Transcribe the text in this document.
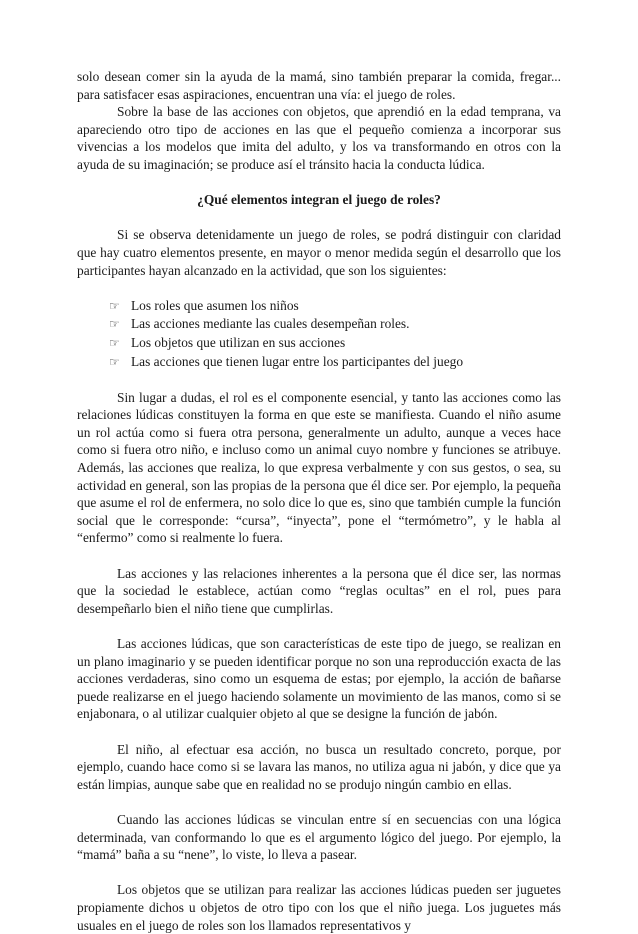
solo desean comer sin la ayuda de la mamá, sino también preparar la comida, fregar... para satisfacer esas aspiraciones, encuentran una vía: el juego de roles.

Sobre la base de las acciones con objetos, que aprendió en la edad temprana, va apareciendo otro tipo de acciones en las que el pequeño comienza a incorporar sus vivencias a los modelos que imita del adulto, y los va transformando en otros con la ayuda de su imaginación; se produce así el tránsito hacia la conducta lúdica.

¿Qué elementos integran el juego de roles?

Si se observa detenidamente un juego de roles, se podrá distinguir con claridad que hay cuatro elementos presente, en mayor o menor medida según el desarrollo que los participantes hayan alcanzado en la actividad, que son los siguientes:

☞ Los roles que asumen los niños
☞ Las acciones mediante las cuales desempeñan roles.
☞ Los objetos que utilizan en sus acciones
☞ Las acciones que tienen lugar entre los participantes del juego

Sin lugar a dudas, el rol es el componente esencial, y tanto las acciones como las relaciones lúdicas constituyen la forma en que este se manifiesta. Cuando el niño asume un rol actúa como si fuera otra persona, generalmente un adulto, aunque a veces hace como si fuera otro niño, e incluso como un animal cuyo nombre y funciones se atribuye. Además, las acciones que realiza, lo que expresa verbalmente y con sus gestos, o sea, su actividad en general, son las propias de la persona que él dice ser. Por ejemplo, la pequeña que asume el rol de enfermera, no solo dice lo que es, sino que también cumple la función social que le corresponde: “cursa”, “inyecta”, pone el “termómetro”, y le habla al “enfermo” como si realmente lo fuera.

Las acciones y las relaciones inherentes a la persona que él dice ser, las normas que la sociedad le establece, actúan como “reglas ocultas” en el rol, pues para desempeñarlo bien el niño tiene que cumplirlas.

Las acciones lúdicas, que son características de este tipo de juego, se realizan en un plano imaginario y se pueden identificar porque no son una reproducción exacta de las acciones verdaderas, sino como un esquema de estas; por ejemplo, la acción de bañarse puede realizarse en el juego haciendo solamente un movimiento de las manos, como si se enjabonara, o al utilizar cualquier objeto al que se designe la función de jabón.

El niño, al efectuar esa acción, no busca un resultado concreto, porque, por ejemplo, cuando hace como si se lavara las manos, no utiliza agua ni jabón, y dice que ya están limpias, aunque sabe que en realidad no se produjo ningún cambio en ellas.

Cuando las acciones lúdicas se vinculan entre sí en secuencias con una lógica determinada, van conformando lo que es el argumento lógico del juego. Por ejemplo, la “mamá” baña a su “nene”, lo viste, lo lleva a pasear.

Los objetos que se utilizan para realizar las acciones lúdicas pueden ser juguetes propiamente dichos u objetos de otro tipo con los que el niño juega. Los juguetes más usuales en el juego de roles son los llamados representativos y
